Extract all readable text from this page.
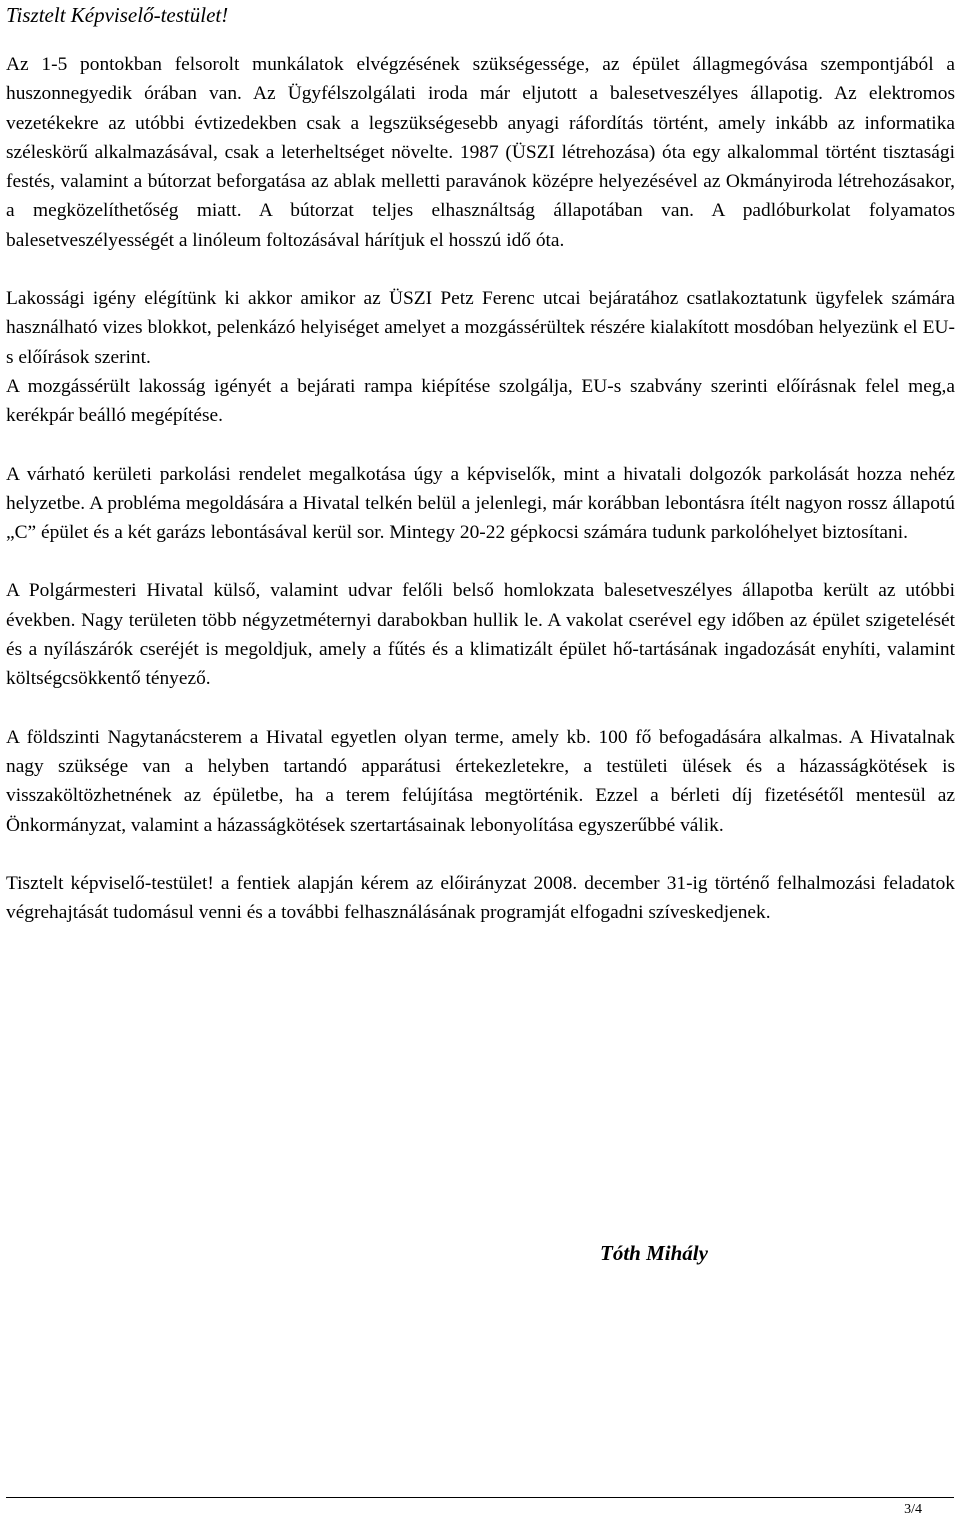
Tisztelt Képviselő-testület!

Az 1-5 pontokban felsorolt munkálatok elvégzésének szükségessége, az épület állagmegóvása szempontjából a huszonnegyedik órában van. Az Ügyfélszolgálati iroda már eljutott a balesetveszélyes állapotig. Az elektromos vezetékekre az utóbbi évtizedekben csak a legszükségesebb anyagi ráfordítás történt, amely inkább az informatika széleskörű alkalmazásával, csak a leterheltséget növelte. 1987 (ÜSZI létrehozása) óta egy alkalommal történt tisztasági festés, valamint a bútorzat beforgatása az ablak melletti paravánok középre helyezésével az Okmányiroda létrehozásakor, a megközelíthetőség miatt. A bútorzat teljes elhasználtság állapotában van. A padlóburkolat folyamatos balesetveszélyességét a linóleum foltozásával hárítjuk el hosszú idő óta.

Lakossági igény elégítünk ki akkor amikor az ÜSZI Petz Ferenc utcai bejáratához csatlakoztatunk ügyfelek számára használható vizes blokkot, pelenkázó helyiséget amelyet a mozgássérültek részére kialakított mosdóban helyezünk el EU-s előírások szerint.

A mozgássérült lakosság igényét a bejárati rampa kiépítése szolgálja, EU-s szabvány szerinti előírásnak felel meg,a kerékpár beálló megépítése.

A várható kerületi parkolási rendelet megalkotása úgy a képviselők, mint a hivatali dolgozók parkolását hozza nehéz helyzetbe. A probléma megoldására a Hivatal telkén belül a jelenlegi, már korábban lebontásra ítélt nagyon rossz állapotú „C” épület és a két garázs lebontásával kerül sor. Mintegy 20-22 gépkocsi számára tudunk parkolóhelyet biztosítani.

A Polgármesteri Hivatal külső, valamint udvar felőli belső homlokzata balesetveszélyes állapotba került az utóbbi években. Nagy területen több négyzetméternyi darabokban hullik le. A vakolat cserével egy időben az épület szigetelését és a nyílászárók cseréjét is megoldjuk, amely a fűtés és a klimatizált épület hő-tartásának ingadozását enyhíti, valamint költségcsökkentő tényező.

A földszinti Nagytanácsterem a Hivatal egyetlen olyan terme, amely kb. 100 fő befogadására alkalmas. A Hivatalnak nagy szüksége van a helyben tartandó apparátusi értekezletekre, a testületi ülések és a házasságkötések is visszaköltözhetnének az épületbe, ha a terem felújítása megtörténik. Ezzel a bérleti díj fizetésétől mentesül az Önkormányzat, valamint a házasságkötések szertartásainak lebonyolítása egyszerűbbé válik.

Tisztelt képviselő-testület! a fentiek alapján kérem az előirányzat 2008. december 31-ig történő felhalmozási feladatok végrehajtását tudomásul venni és a további felhasználásának programját elfogadni szíveskedjenek.

Tóth Mihály

3/4
